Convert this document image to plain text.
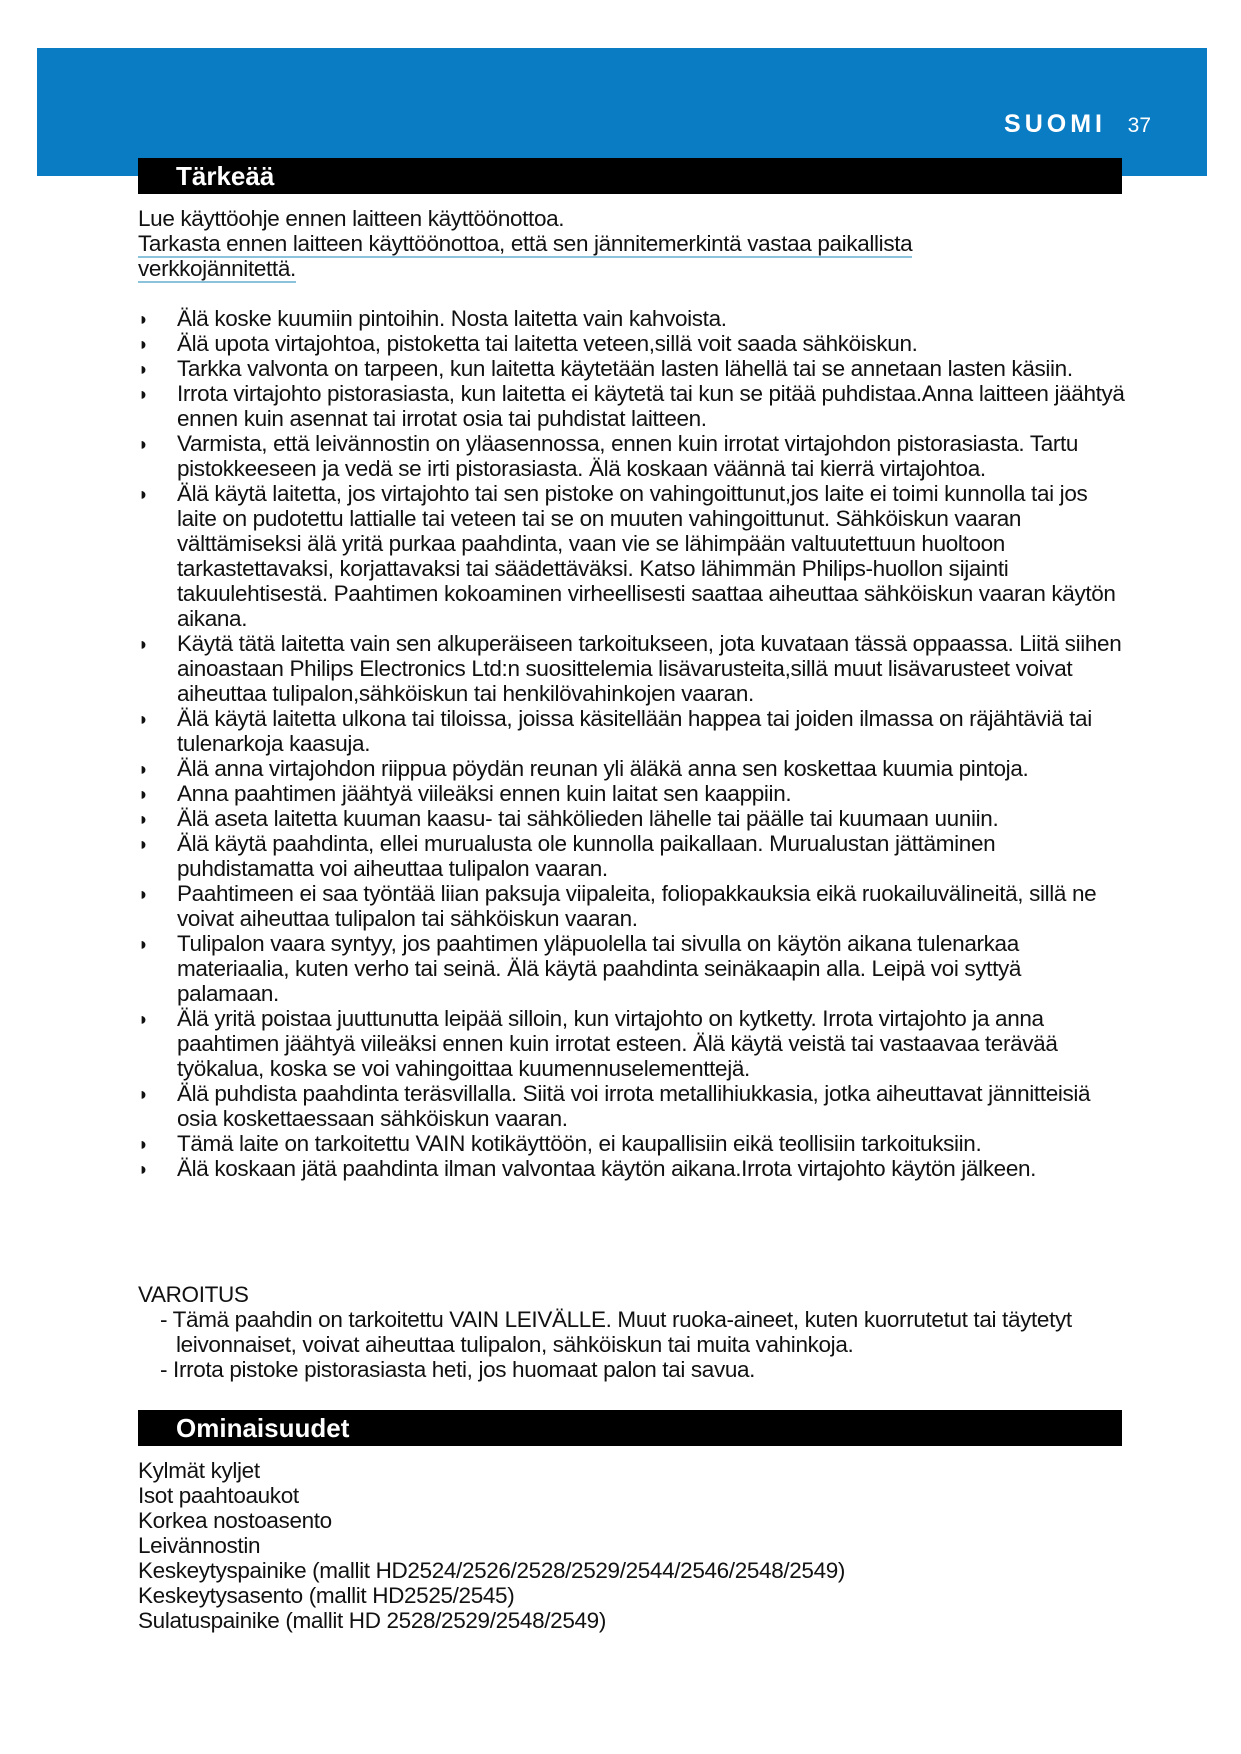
SUOMI 37
Tärkeää

Lue käyttöohje ennen laitteen käyttöönottoa.

Tarkasta ennen laitteen käyttöönottoa, että sen jännitemerkintä vastaa paikallista

verkkojännitettä.

◗ Älä koske kuumiin pintoihin. Nosta laitetta vain kahvoista.
◗ Älä upota virtajohtoa, pistoketta tai laitetta veteen,sillä voit saada sähköiskun.
◗ Tarkka valvonta on tarpeen, kun laitetta käytetään lasten lähellä tai se annetaan lasten käsiin.
◗ Irrota virtajohto pistorasiasta, kun laitetta ei käytetä tai kun se pitää puhdistaa.Anna laitteen jäähtyä ennen kuin asennat tai irrotat osia tai puhdistat laitteen.
◗ Varmista, että leivännostin on yläasennossa, ennen kuin irrotat virtajohdon pistorasiasta. Tartu pistokkeeseen ja vedä se irti pistorasiasta. Älä koskaan väännä tai kierrä virtajohtoa.
◗ Älä käytä laitetta, jos virtajohto tai sen pistoke on vahingoittunut,jos laite ei toimi kunnolla tai jos laite on pudotettu lattialle tai veteen tai se on muuten vahingoittunut. Sähköiskun vaaran välttämiseksi älä yritä purkaa paahdinta, vaan vie se lähimpään valtuutettuun huoltoon tarkastettavaksi, korjattavaksi tai säädettäväksi. Katso lähimmän Philips-huollon sijainti takuulehtisestä. Paahtimen kokoaminen virheellisesti saattaa aiheuttaa sähköiskun vaaran käytön aikana.
◗ Käytä tätä laitetta vain sen alkuperäiseen tarkoitukseen, jota kuvataan tässä oppaassa. Liitä siihen ainoastaan Philips Electronics Ltd:n suosittelemia lisävarusteita,sillä muut lisävarusteet voivat aiheuttaa tulipalon,sähköiskun tai henkilövahinkojen vaaran.
◗ Älä käytä laitetta ulkona tai tiloissa, joissa käsitellään happea tai joiden ilmassa on räjähtäviä tai tulenarkoja kaasuja.
◗ Älä anna virtajohdon riippua pöydän reunan yli äläkä anna sen koskettaa kuumia pintoja.
◗ Anna paahtimen jäähtyä viileäksi ennen kuin laitat sen kaappiin.
◗ Älä aseta laitetta kuuman kaasu- tai sähkölieden lähelle tai päälle tai kuumaan uuniin.
◗ Älä käytä paahdinta, ellei murualusta ole kunnolla paikallaan. Murualustan jättäminen puhdistamatta voi aiheuttaa tulipalon vaaran.
◗ Paahtimeen ei saa työntää liian paksuja viipaleita, foliopakkauksia eikä ruokailuvälineitä, sillä ne voivat aiheuttaa tulipalon tai sähköiskun vaaran.
◗ Tulipalon vaara syntyy, jos paahtimen yläpuolella tai sivulla on käytön aikana tulenarkaa materiaalia, kuten verho tai seinä. Älä käytä paahdinta seinäkaapin alla. Leipä voi syttyä palamaan.
◗ Älä yritä poistaa juuttunutta leipää silloin, kun virtajohto on kytketty. Irrota virtajohto ja anna paahtimen jäähtyä viileäksi ennen kuin irrotat esteen. Älä käytä veistä tai vastaavaa terävää työkalua, koska se voi vahingoittaa kuumennuselementtejä.
◗ Älä puhdista paahdinta teräsvillalla. Siitä voi irrota metallihiukkasia, jotka aiheuttavat jännitteisiä osia koskettaessaan sähköiskun vaaran.
◗ Tämä laite on tarkoitettu VAIN kotikäyttöön, ei kaupallisiin eikä teollisiin tarkoituksiin.
◗ Älä koskaan jätä paahdinta ilman valvontaa käytön aikana.Irrota virtajohto käytön jälkeen.

VAROITUS

- Tämä paahdin on tarkoitettu VAIN LEIVÄLLE. Muut ruoka-aineet, kuten kuorrutetut tai täytetyt leivonnaiset, voivat aiheuttaa tulipalon, sähköiskun tai muita vahinkoja.

- Irrota pistoke pistorasiasta heti, jos huomaat palon tai savua.

Ominaisuudet
Kylmät kyljet
Isot paahtoaukot
Korkea nostoasento
Leivännostin
Keskeytyspainike (mallit HD2524/2526/2528/2529/2544/2546/2548/2549)
Keskeytysasento (mallit HD2525/2545)
Sulatuspainike (mallit HD 2528/2529/2548/2549)
